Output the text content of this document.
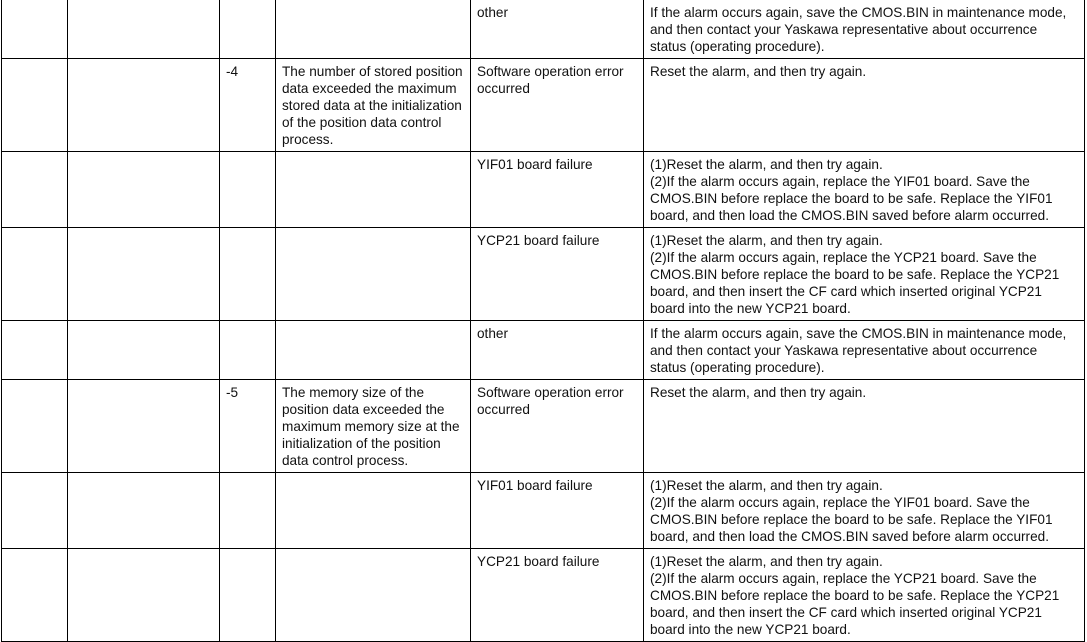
				other	If the alarm occurs again, save the CMOS.BIN in maintenance mode,
and then contact your Yaskawa representative about occurrence
status (operating procedure).

		-4	The number of stored position data exceeded the maximum stored data at the initialization of the position data control process.	Software operation error occurred	Reset the alarm, and then try again.

				YIF01 board failure	(1)Reset the alarm, and then try again.
(2)If the alarm occurs again, replace the YIF01 board. Save the
CMOS.BIN before replace the board to be safe. Replace the YIF01
board, and then load the CMOS.BIN saved before alarm occurred.

				YCP21 board failure	(1)Reset the alarm, and then try again.
(2)If the alarm occurs again, replace the YCP21 board. Save the
CMOS.BIN before replace the board to be safe. Replace the YCP21
board, and then insert the CF card which inserted original YCP21
board into the new YCP21 board.

				other	If the alarm occurs again, save the CMOS.BIN in maintenance mode,
and then contact your Yaskawa representative about occurrence
status (operating procedure).

		-5	The memory size of the position data exceeded the maximum memory size at the initialization of the position data control process.	Software operation error occurred	Reset the alarm, and then try again.

				YIF01 board failure	(1)Reset the alarm, and then try again.
(2)If the alarm occurs again, replace the YIF01 board. Save the
CMOS.BIN before replace the board to be safe. Replace the YIF01
board, and then load the CMOS.BIN saved before alarm occurred.

				YCP21 board failure	(1)Reset the alarm, and then try again.
(2)If the alarm occurs again, replace the YCP21 board. Save the
CMOS.BIN before replace the board to be safe. Replace the YCP21
board, and then insert the CF card which inserted original YCP21
board into the new YCP21 board.
